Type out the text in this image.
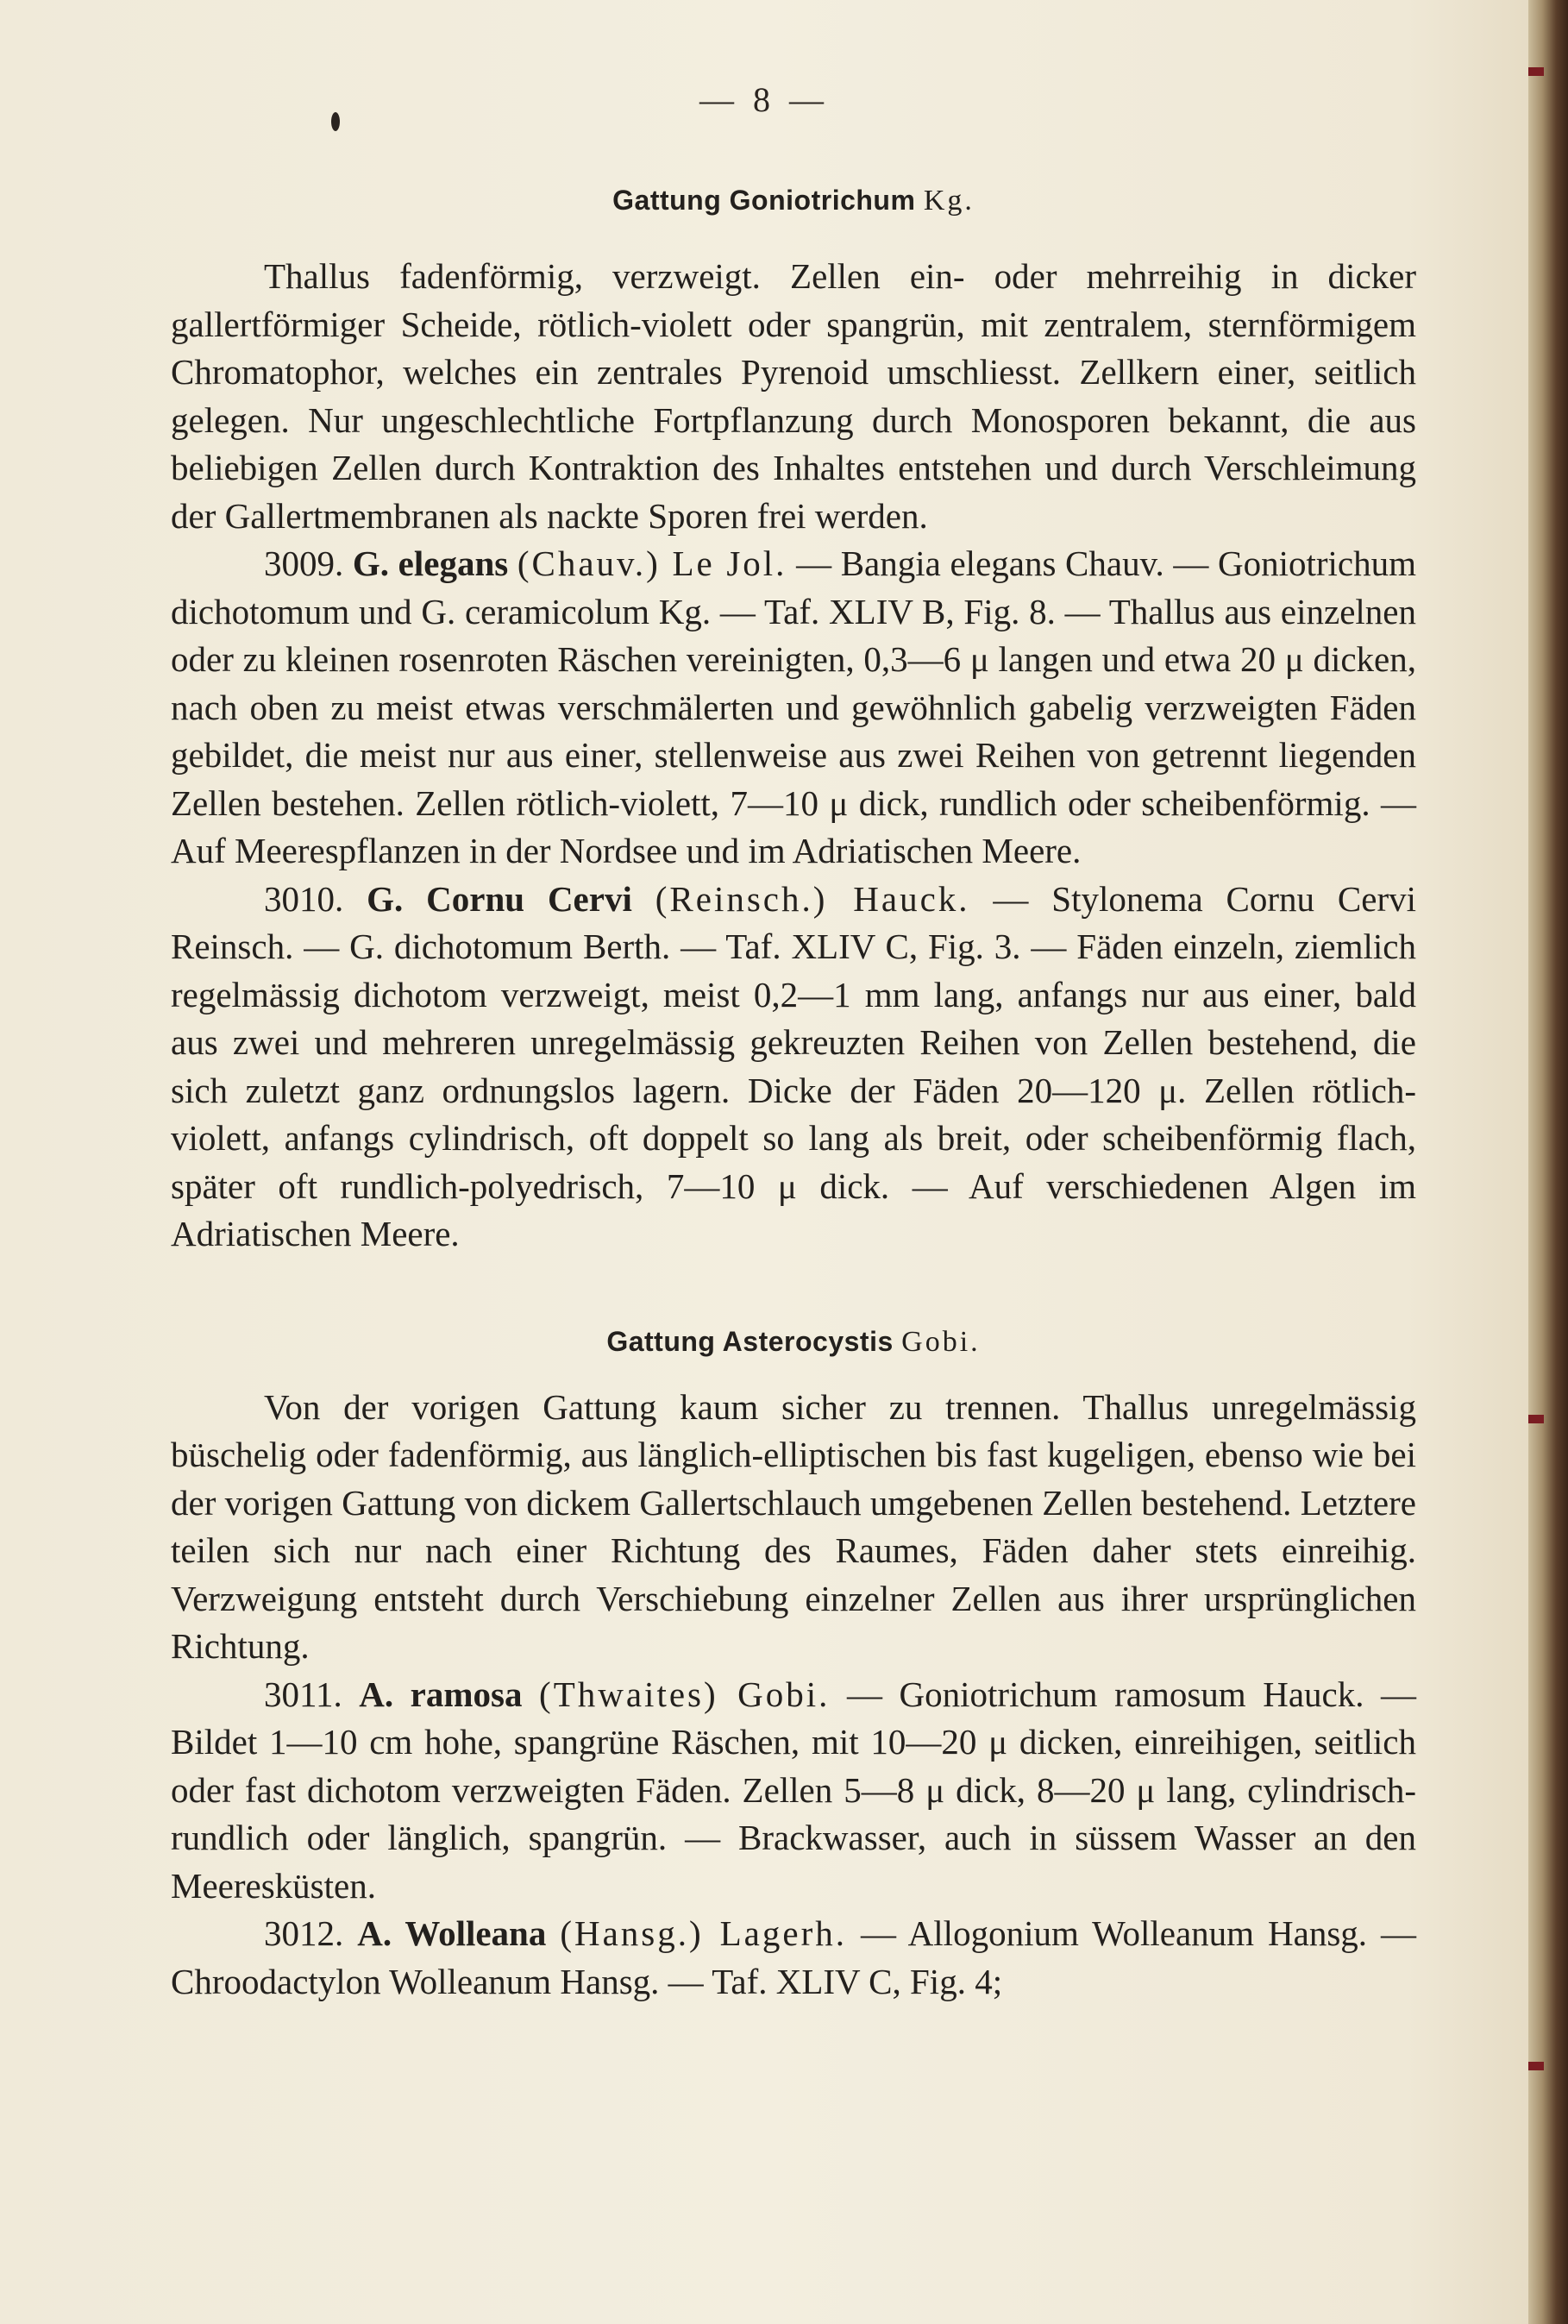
— 8 —
Gattung Goniotrichum Kg.

Thallus fadenförmig, verzweigt. Zellen ein- oder mehrreihig in dicker gallertförmiger Scheide, rötlich-violett oder spangrün, mit zentralem, sternförmigem Chromatophor, welches ein zentrales Pyrenoid umschliesst. Zellkern einer, seitlich gelegen. Nur ungeschlechtliche Fortpflanzung durch Monosporen bekannt, die aus beliebigen Zellen durch Kontraktion des Inhaltes entstehen und durch Verschleimung der Gallertmembranen als nackte Sporen frei werden.

3009. G. elegans (Chauv.) Le Jol. — Bangia elegans Chauv. — Goniotrichum dichotomum und G. ceramicolum Kg. — Taf. XLIV B, Fig. 8. — Thallus aus einzelnen oder zu kleinen rosenroten Räschen vereinigten, 0,3—6 μ langen und etwa 20 μ dicken, nach oben zu meist etwas verschmälerten und gewöhnlich gabelig verzweigten Fäden gebildet, die meist nur aus einer, stellenweise aus zwei Reihen von getrennt liegenden Zellen bestehen. Zellen rötlich-violett, 7—10 μ dick, rundlich oder scheibenförmig. — Auf Meerespflanzen in der Nordsee und im Adriatischen Meere.

3010. G. Cornu Cervi (Reinsch.) Hauck. — Stylonema Cornu Cervi Reinsch. — G. dichotomum Berth. — Taf. XLIV C, Fig. 3. — Fäden einzeln, ziemlich regelmässig dichotom verzweigt, meist 0,2—1 mm lang, anfangs nur aus einer, bald aus zwei und mehreren unregelmässig gekreuzten Reihen von Zellen bestehend, die sich zuletzt ganz ordnungslos lagern. Dicke der Fäden 20—120 μ. Zellen rötlich-violett, anfangs cylindrisch, oft doppelt so lang als breit, oder scheibenförmig flach, später oft rundlich-polyedrisch, 7—10 μ dick. — Auf verschiedenen Algen im Adriatischen Meere.

Gattung Asterocystis Gobi.

Von der vorigen Gattung kaum sicher zu trennen. Thallus unregelmässig büschelig oder fadenförmig, aus länglich-elliptischen bis fast kugeligen, ebenso wie bei der vorigen Gattung von dickem Gallertschlauch umgebenen Zellen bestehend. Letztere teilen sich nur nach einer Richtung des Raumes, Fäden daher stets einreihig. Verzweigung entsteht durch Verschiebung einzelner Zellen aus ihrer ursprünglichen Richtung.

3011. A. ramosa (Thwaites) Gobi. — Goniotrichum ramosum Hauck. — Bildet 1—10 cm hohe, spangrüne Räschen, mit 10—20 μ dicken, einreihigen, seitlich oder fast dichotom verzweigten Fäden. Zellen 5—8 μ dick, 8—20 μ lang, cylindrisch-rundlich oder länglich, spangrün. — Brackwasser, auch in süssem Wasser an den Meeresküsten.

3012. A. Wolleana (Hansg.) Lagerh. — Allogonium Wolleanum Hansg. — Chroodactylon Wolleanum Hansg. — Taf. XLIV C, Fig. 4;
